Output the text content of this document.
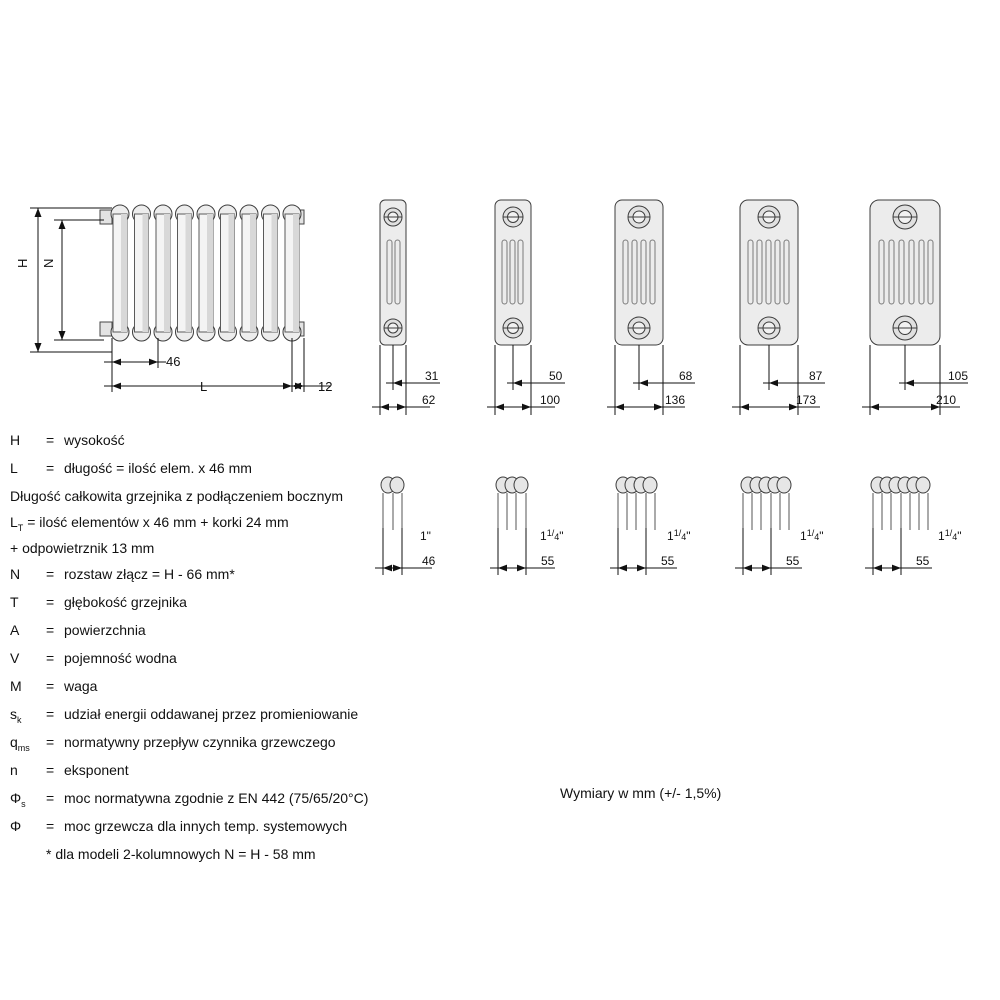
H N
46
L	12
31
62
50
100
68
136
87
173
105
210
1"
46
$1^1/_4$"
55
$1^1/_4$"
55
$1^1/_4$"
55
$1^1/_4$"
55
H	= wysokość
L	= długość = ilość elem. x 46 mm
Długość całkowita grzejnika z podłączeniem bocznym
$L_T$ = ilość elementów x 46 mm + korki 24 mm
+ odpowietrznik 13 mm
N	= rozstaw złącz = H - 66 mm*
T	= głębokość grzejnika
A	= powierzchnia
V	= pojemność wodna
M	= waga
$s_k$	= udział energii oddawanej przez promieniowanie
$q_{ms}$	= normatywny przepływ czynnika grzewczego
n	= eksponent
$\Phi_s$	= moc normatywna zgodnie z EN 442 (75/65/20°C)
Φ	= moc grzewcza dla innych temp. systemowych
* dla modeli 2-kolumnowych N = H - 58 mm
Wymiary w mm (+/- 1,5%)
